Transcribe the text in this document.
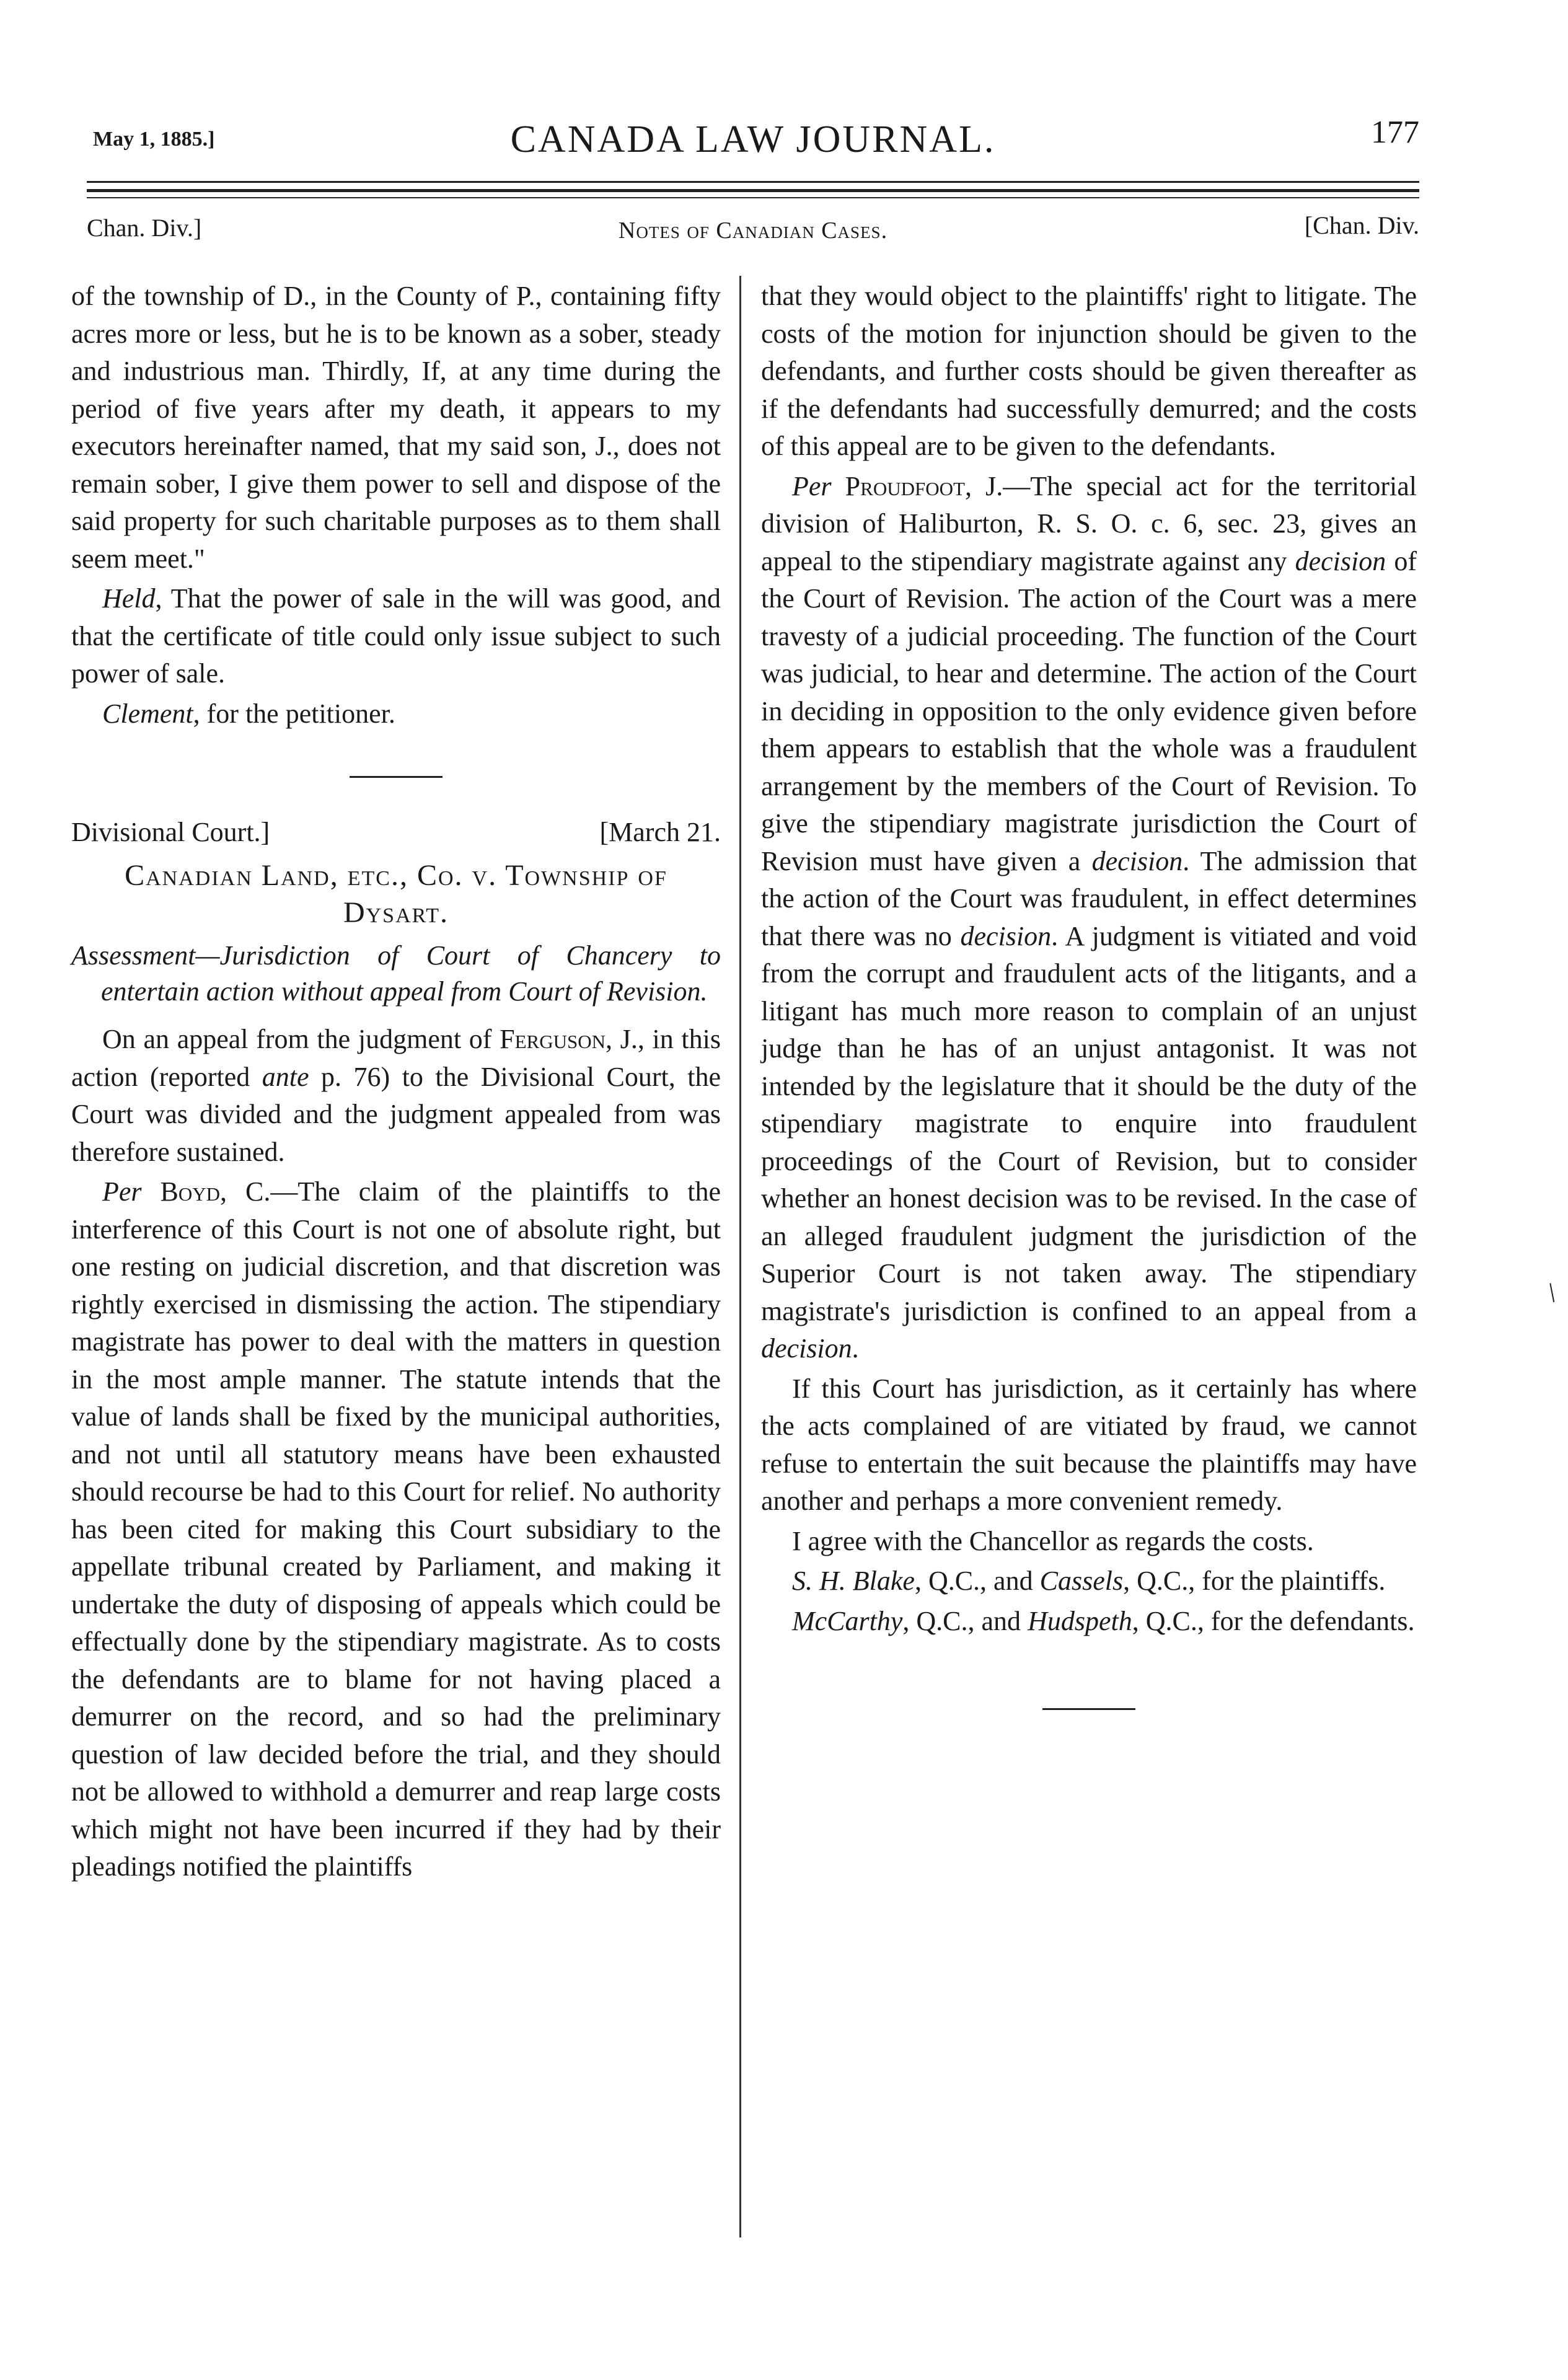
May 1, 1885.]	CANADA LAW JOURNAL.	177
Chan. Div.]	Notes of Canadian Cases.	[Chan. Div.

of the township of D., in the County of P., containing fifty acres more or less, but he is to be known as a sober, steady and industrious man. Thirdly, If, at any time during the period of five years after my death, it appears to my executors hereinafter named, that my said son, J., does not remain sober, I give them power to sell and dispose of the said property for such charitable purposes as to them shall seem meet."

Held, That the power of sale in the will was good, and that the certificate of title could only issue subject to such power of sale.

Clement, for the petitioner.

Divisional Court.]	[March 21.
Canadian Land, etc., Co. v. Township of Dysart.
Assessment—Jurisdiction of Court of Chancery to entertain action without appeal from Court of Revision.

On an appeal from the judgment of Ferguson, J., in this action (reported ante p. 76) to the Divisional Court, the Court was divided and the judgment appealed from was therefore sustained.

Per Boyd, C.—The claim of the plaintiffs to the interference of this Court is not one of absolute right, but one resting on judicial discretion, and that discretion was rightly exercised in dismissing the action. The stipendiary magistrate has power to deal with the matters in question in the most ample manner. The statute intends that the value of lands shall be fixed by the municipal authorities, and not until all statutory means have been exhausted should recourse be had to this Court for relief. No authority has been cited for making this Court subsidiary to the appellate tribunal created by Parliament, and making it undertake the duty of disposing of appeals which could be effectually done by the stipendiary magistrate. As to costs the defendants are to blame for not having placed a demurrer on the record, and so had the preliminary question of law decided before the trial, and they should not be allowed to withhold a demurrer and reap large costs which might not have been incurred if they had by their pleadings notified the plaintiffs

that they would object to the plaintiffs' right to litigate. The costs of the motion for injunction should be given to the defendants, and further costs should be given thereafter as if the defendants had successfully demurred; and the costs of this appeal are to be given to the defendants.

Per Proudfoot, J.—The special act for the territorial division of Haliburton, R. S. O. c. 6, sec. 23, gives an appeal to the stipendiary magistrate against any decision of the Court of Revision. The action of the Court was a mere travesty of a judicial proceeding. The function of the Court was judicial, to hear and determine. The action of the Court in deciding in opposition to the only evidence given before them appears to establish that the whole was a fraudulent arrangement by the members of the Court of Revision. To give the stipendiary magistrate jurisdiction the Court of Revision must have given a decision. The admission that the action of the Court was fraudulent, in effect determines that there was no decision. A judgment is vitiated and void from the corrupt and fraudulent acts of the litigants, and a litigant has much more reason to complain of an unjust judge than he has of an unjust antagonist. It was not intended by the legislature that it should be the duty of the stipendiary magistrate to enquire into fraudulent proceedings of the Court of Revision, but to consider whether an honest decision was to be revised. In the case of an alleged fraudulent judgment the jurisdiction of the Superior Court is not taken away. The stipendiary magistrate's jurisdiction is confined to an appeal from a decision.

If this Court has jurisdiction, as it certainly has where the acts complained of are vitiated by fraud, we cannot refuse to entertain the suit because the plaintiffs may have another and perhaps a more convenient remedy.

I agree with the Chancellor as regards the costs.

S. H. Blake, Q.C., and Cassels, Q.C., for the plaintiffs.

McCarthy, Q.C., and Hudspeth, Q.C., for the defendants.

/
